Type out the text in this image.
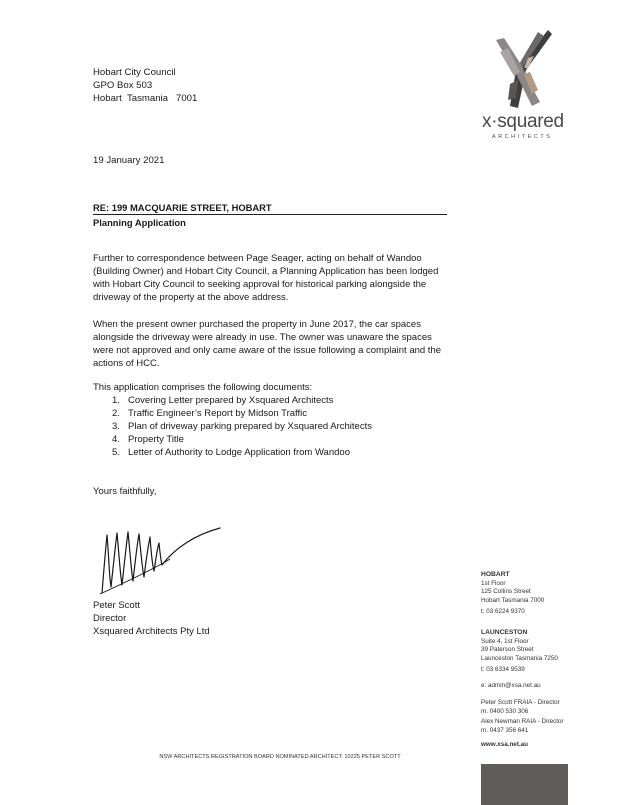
Hobart City Council
GPO Box 503
Hobart  Tasmania   7001
19 January 2021
RE: 199 MACQUARIE STREET, HOBART
Planning Application
Further to correspondence between Page Seager, acting on behalf of Wandoo (Building Owner) and Hobart City Council, a Planning Application has been lodged with Hobart City Council to seeking approval for historical parking alongside the driveway of the property at the above address.
When the present owner purchased the property in June 2017, the car spaces alongside the driveway were already in use. The owner was unaware the spaces were not approved and only came aware of the issue following a complaint and the actions of HCC.
This application comprises the following documents:
1. Covering Letter prepared by Xsquared Architects
2. Traffic Engineer’s Report by Midson Traffic
3. Plan of driveway parking prepared by Xsquared Architects
4. Property Title
5. Letter of Authority to Lodge Application from Wandoo
Yours faithfully,
Peter Scott
Director
Xsquared Architects Pty Ltd
x·squared
ARCHITECTS
HOBART
1st Floor
125 Collins Street
Hobart Tasmania 7000
t: 03 6224 9370
LAUNCESTON
Suite 4, 1st Floor
39 Paterson Street
Launceston Tasmania 7250
t: 03 6334 9539
e: admin@xsa.net.au
Peter Scott FRAIA - Director
m. 0400 530 306
Alex Newman RAIA - Director
m. 0437 356 641
www.xsa.net.au
NSW ARCHITECTS REGISTRATION BOARD NOMINATED ARCHITECT: 10225 PETER SCOTT
